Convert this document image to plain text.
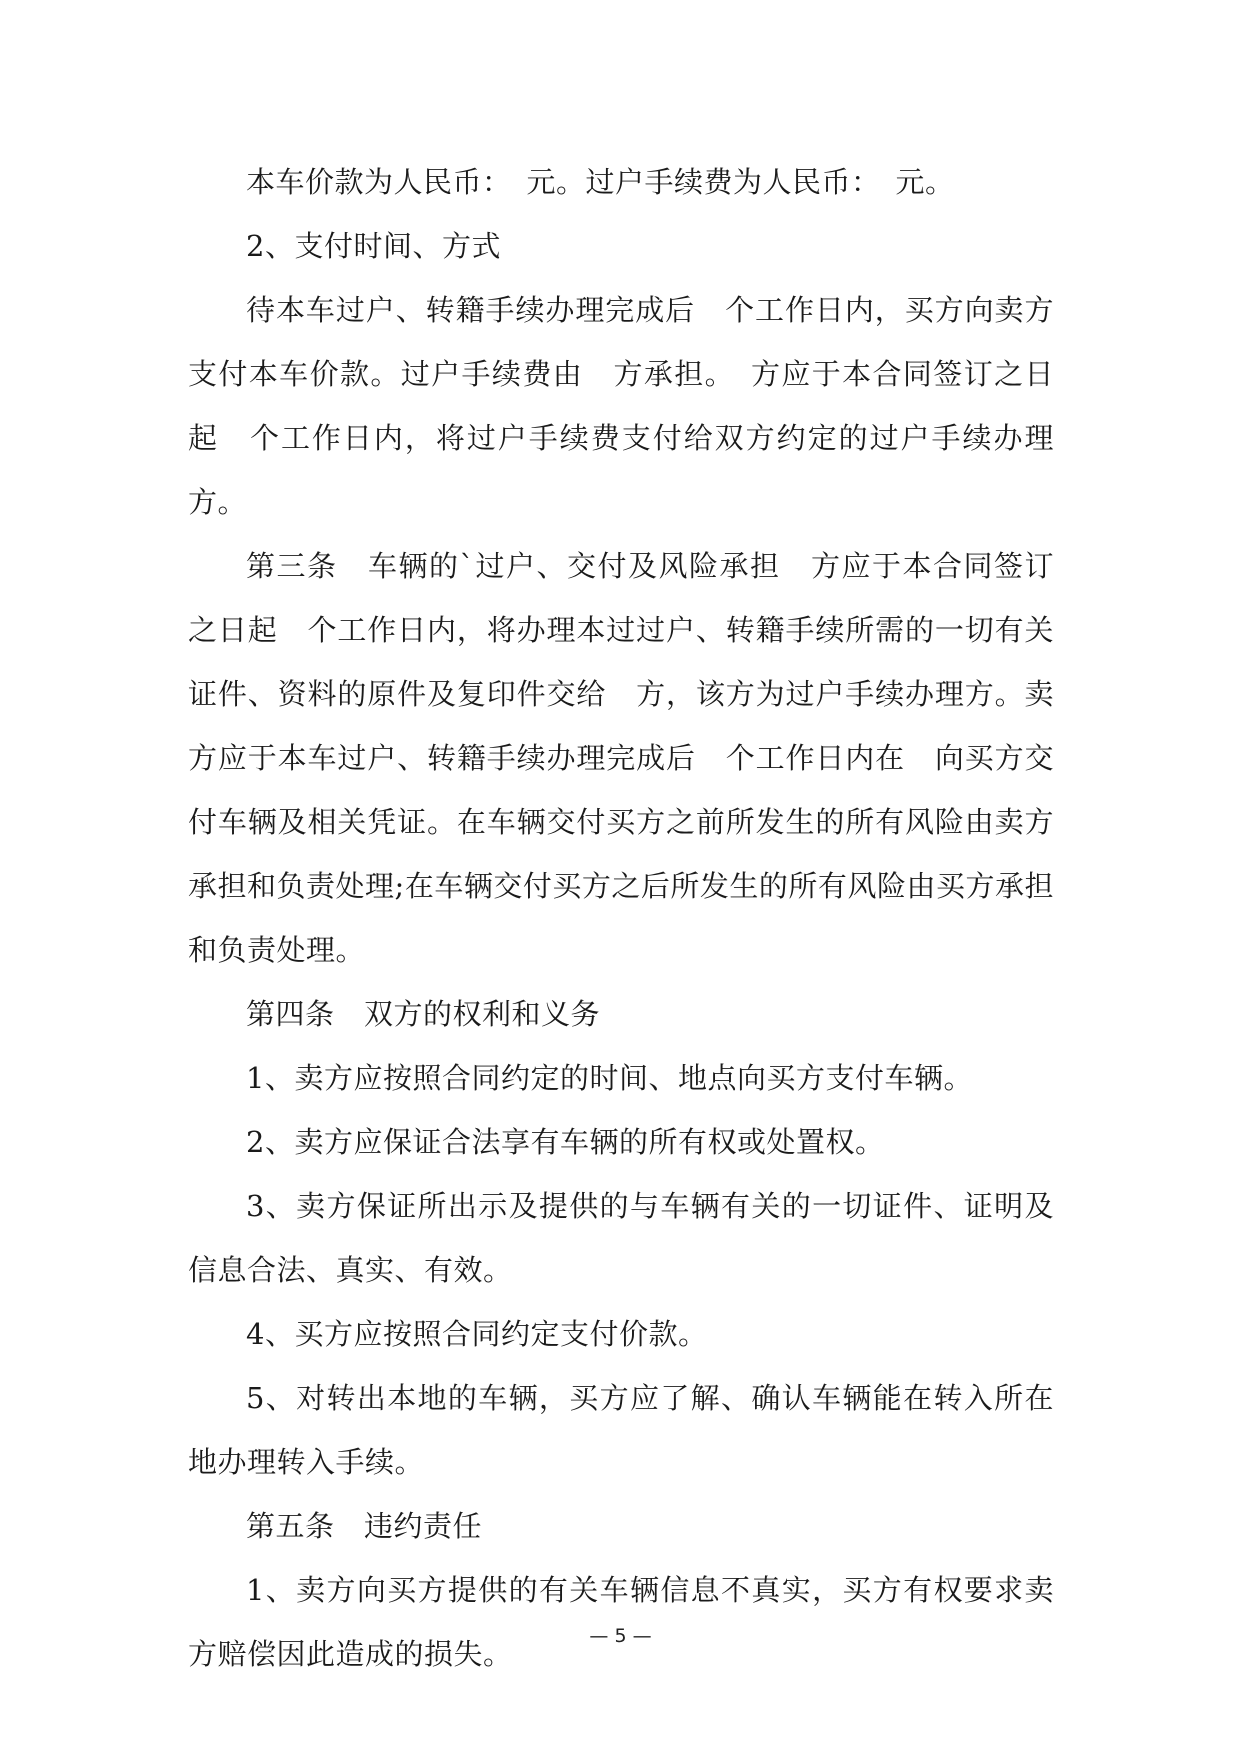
本车价款为人民币：　元。过户手续费为人民币：　元。

2、支付时间、方式

待本车过户、转籍手续办理完成后　个工作日内，买方向卖方支付本车价款。过户手续费由　方承担。　方应于本合同签订之日起　个工作日内，将过户手续费支付给双方约定的过户手续办理方。

第三条　车辆的`过户、交付及风险承担　方应于本合同签订之日起　个工作日内，将办理本过过户、转籍手续所需的一切有关证件、资料的原件及复印件交给　方，该方为过户手续办理方。卖方应于本车过户、转籍手续办理完成后　个工作日内在　向买方交付车辆及相关凭证。在车辆交付买方之前所发生的所有风险由卖方承担和负责处理;在车辆交付买方之后所发生的所有风险由买方承担和负责处理。

第四条　双方的权利和义务

1、卖方应按照合同约定的时间、地点向买方支付车辆。

2、卖方应保证合法享有车辆的所有权或处置权。

3、卖方保证所出示及提供的与车辆有关的一切证件、证明及信息合法、真实、有效。

4、买方应按照合同约定支付价款。

5、对转出本地的车辆，买方应了解、确认车辆能在转入所在地办理转入手续。

第五条　违约责任

1、卖方向买方提供的有关车辆信息不真实，买方有权要求卖方赔偿因此造成的损失。

— 5 —
